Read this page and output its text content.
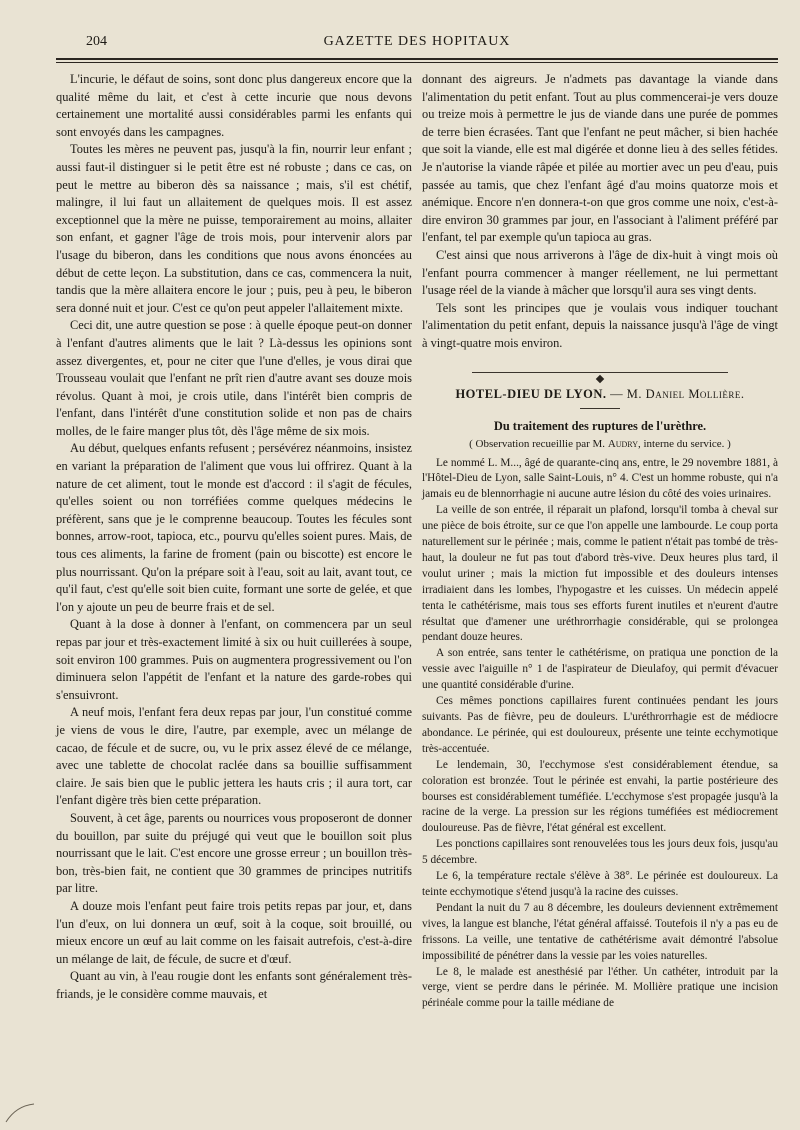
204	GAZETTE DES HOPITAUX

L'incurie, le défaut de soins, sont donc plus dangereux encore que la qualité même du lait, et c'est à cette incurie que nous devons certainement une mortalité aussi considérables parmi les enfants qui sont envoyés dans les campagnes.

Toutes les mères ne peuvent pas, jusqu'à la fin, nourrir leur enfant ; aussi faut-il distinguer si le petit être est né robuste ; dans ce cas, on peut le mettre au biberon dès sa naissance ; mais, s'il est chétif, malingre, il lui faut un allaitement de quelques mois. Il est assez exceptionnel que la mère ne puisse, temporairement au moins, allaiter son enfant, et gagner l'âge de trois mois, pour intervenir alors par l'usage du biberon, dans les conditions que nous avons énoncées au début de cette leçon. La substitution, dans ce cas, commencera la nuit, tandis que la mère allaitera encore le jour ; puis, peu à peu, le biberon sera donné nuit et jour. C'est ce qu'on peut appeler l'allaitement mixte.

Ceci dit, une autre question se pose : à quelle époque peut-on donner à l'enfant d'autres aliments que le lait ? Là-dessus les opinions sont assez divergentes, et, pour ne citer que l'une d'elles, je vous dirai que Trousseau voulait que l'enfant ne prît rien d'autre avant ses douze mois révolus. Quant à moi, je crois utile, dans l'intérêt bien compris de l'enfant, dans l'intérêt d'une constitution solide et non pas de chairs molles, de le faire manger plus tôt, dès l'âge même de six mois.

Au début, quelques enfants refusent ; persévérez néanmoins, insistez en variant la préparation de l'aliment que vous lui offrirez. Quant à la nature de cet aliment, tout le monde est d'accord : il s'agit de fécules, qu'elles soient ou non torréfiées comme quelques médecins le préfèrent, sans que je le comprenne beaucoup. Toutes les fécules sont bonnes, arrow-root, tapioca, etc., pourvu qu'elles soient pures. Mais, de tous ces aliments, la farine de froment (pain ou biscotte) est encore le plus nourrissant. Qu'on la prépare soit à l'eau, soit au lait, avant tout, ce qu'il faut, c'est qu'elle soit bien cuite, formant une sorte de gelée, et que l'on y ajoute un peu de beurre frais et de sel.

Quant à la dose à donner à l'enfant, on commencera par un seul repas par jour et très-exactement limité à six ou huit cuillerées à soupe, soit environ 100 grammes. Puis on augmentera progressivement ou l'on diminuera selon l'appétit de l'enfant et la nature des garde-robes qui s'ensuivront.

A neuf mois, l'enfant fera deux repas par jour, l'un constitué comme je viens de vous le dire, l'autre, par exemple, avec un mélange de cacao, de fécule et de sucre, ou, vu le prix assez élevé de ce mélange, avec une tablette de chocolat raclée dans sa bouillie suffisamment claire. Je sais bien que le public jettera les hauts cris ; il aura tort, car l'enfant digère très bien cette préparation.

Souvent, à cet âge, parents ou nourrices vous proposeront de donner du bouillon, par suite du préjugé qui veut que le bouillon soit plus nourrissant que le lait. C'est encore une grosse erreur ; un bouillon très-bon, très-bien fait, ne contient que 30 grammes de principes nutritifs par litre.

A douze mois l'enfant peut faire trois petits repas par jour, et, dans l'un d'eux, on lui donnera un œuf, soit à la coque, soit brouillé, ou mieux encore un œuf au lait comme on les faisait autrefois, c'est-à-dire un mélange de lait, de fécule, de sucre et d'œuf.

Quant au vin, à l'eau rougie dont les enfants sont généralement très-friands, je le considère comme mauvais, et

donnant des aigreurs. Je n'admets pas davantage la viande dans l'alimentation du petit enfant. Tout au plus commencerai-je vers douze ou treize mois à permettre le jus de viande dans une purée de pommes de terre bien écrasées. Tant que l'enfant ne peut mâcher, si bien hachée que soit la viande, elle est mal digérée et donne lieu à des selles fétides. Je n'autorise la viande râpée et pilée au mortier avec un peu d'eau, puis passée au tamis, que chez l'enfant âgé d'au moins quatorze mois et anémique. Encore n'en donnera-t-on que gros comme une noix, c'est-à-dire environ 30 grammes par jour, en l'associant à l'aliment préféré par l'enfant, tel par exemple qu'un tapioca au gras.

C'est ainsi que nous arriverons à l'âge de dix-huit à vingt mois où l'enfant pourra commencer à manger réellement, ne lui permettant l'usage réel de la viande à mâcher que lorsqu'il aura ses vingt dents.

Tels sont les principes que je voulais vous indiquer touchant l'alimentation du petit enfant, depuis la naissance jusqu'à l'âge de vingt à vingt-quatre mois environ.

HOTEL-DIEU DE LYON. — M. Daniel Mollière.
Du traitement des ruptures de l'urèthre.
( Observation recueillie par M. Audry, interne du service. )

Le nommé L. M..., âgé de quarante-cinq ans, entre, le 29 novembre 1881, à l'Hôtel-Dieu de Lyon, salle Saint-Louis, n° 4. C'est un homme robuste, qui n'a jamais eu de blennorrhagie ni aucune autre lésion du côté des voies urinaires.

La veille de son entrée, il réparait un plafond, lorsqu'il tomba à cheval sur une pièce de bois étroite, sur ce que l'on appelle une lambourde. Le coup porta naturellement sur le périnée ; mais, comme le patient n'était pas tombé de très-haut, la douleur ne fut pas tout d'abord très-vive. Deux heures plus tard, il voulut uriner ; mais la miction fut impossible et des douleurs intenses irradiaient dans les lombes, l'hypogastre et les cuisses. Un médecin appelé tenta le cathétérisme, mais tous ses efforts furent inutiles et n'eurent d'autre résultat que d'amener une uréthrorrhagie considérable, qui se prolongea pendant douze heures.

A son entrée, sans tenter le cathétérisme, on pratiqua une ponction de la vessie avec l'aiguille n° 1 de l'aspirateur de Dieulafoy, qui permit d'évacuer une quantité considérable d'urine.

Ces mêmes ponctions capillaires furent continuées pendant les jours suivants. Pas de fièvre, peu de douleurs. L'uréthrorrhagie est de médiocre abondance. Le périnée, qui est douloureux, présente une teinte ecchymotique très-accentuée.

Le lendemain, 30, l'ecchymose s'est considérablement étendue, sa coloration est bronzée. Tout le périnée est envahi, la partie postérieure des bourses est considérablement tuméfiée. L'ecchymose s'est propagée jusqu'à la racine de la verge. La pression sur les régions tuméfiées est médiocrement douloureuse. Pas de fièvre, l'état général est excellent.

Les ponctions capillaires sont renouvelées tous les jours deux fois, jusqu'au 5 décembre.

Le 6, la température rectale s'élève à 38°. Le périnée est douloureux. La teinte ecchymotique s'étend jusqu'à la racine des cuisses.

Pendant la nuit du 7 au 8 décembre, les douleurs deviennent extrêmement vives, la langue est blanche, l'état général affaissé. Toutefois il n'y a pas eu de frissons. La veille, une tentative de cathétérisme avait démontré l'absolue impossibilité de pénétrer dans la vessie par les voies naturelles.

Le 8, le malade est anesthésié par l'éther. Un cathéter, introduit par la verge, vient se perdre dans le périnée. M. Mollière pratique une incision périnéale comme pour la taille médiane de
